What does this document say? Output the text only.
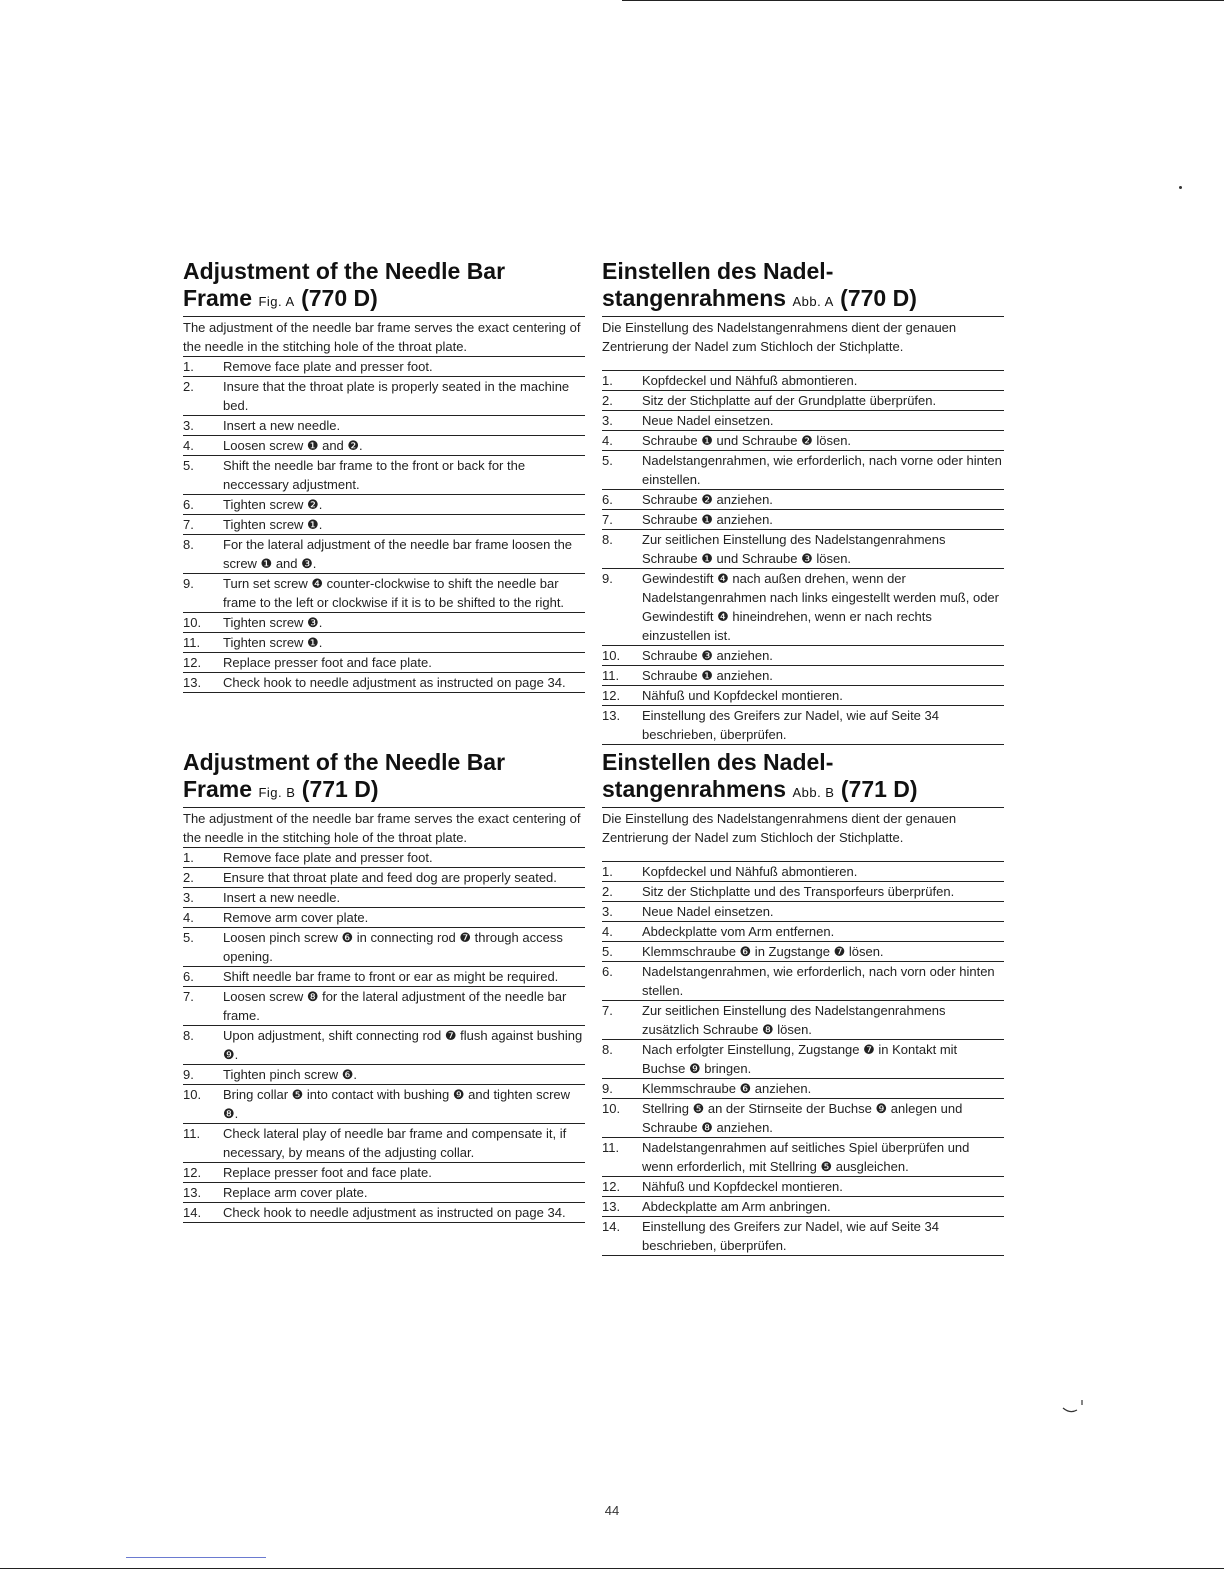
Adjustment of the Needle Bar
Frame Fig. A (770 D)
The adjustment of the needle bar frame serves the exact centering of the needle in the stitching hole of the throat plate.
1.	Remove face plate and presser foot.
2.	Insure that the throat plate is properly seated in the machine bed.
3.	Insert a new needle.
4.	Loosen screw ❶ and ❷.
5.	Shift the needle bar frame to the front or back for the neccessary adjustment.
6.	Tighten screw ❷.
7.	Tighten screw ❶.
8.	For the lateral adjustment of the needle bar frame loosen the screw ❶ and ❸.
9.	Turn set screw ❹ counter-clockwise to shift the needle bar frame to the left or clockwise if it is to be shifted to the right.
10.	Tighten screw ❸.
11.	Tighten screw ❶.
12.	Replace presser foot and face plate.
13.	Check hook to needle adjustment as instructed on page 34.
Adjustment of the Needle Bar
Frame Fig. B (771 D)
The adjustment of the needle bar frame serves the exact centering of the needle in the stitching hole of the throat plate.
1.	Remove face plate and presser foot.
2.	Ensure that throat plate and feed dog are properly seated.
3.	Insert a new needle.
4.	Remove arm cover plate.
5.	Loosen pinch screw ❻ in connecting rod ❼ through access opening.
6.	Shift needle bar frame to front or ear as might be required.
7.	Loosen screw ❽ for the lateral adjustment of the needle bar frame.
8.	Upon adjustment, shift connecting rod ❼ flush against bushing ❾.
9.	Tighten pinch screw ❻.
10.	Bring collar ❺ into contact with bushing ❾ and tighten screw ❽.
11.	Check lateral play of needle bar frame and compensate it, if necessary, by means of the adjusting collar.
12.	Replace presser foot and face plate.
13.	Replace arm cover plate.
14.	Check hook to needle adjustment as instructed on page 34.
Einstellen des Nadel-
stangenrahmens Abb. A (770 D)
Die Einstellung des Nadelstangenrahmens dient der genauen Zentrierung der Nadel zum Stichloch der Stichplatte.
1.	Kopfdeckel und Nähfuß abmontieren.
2.	Sitz der Stichplatte auf der Grundplatte überprüfen.
3.	Neue Nadel einsetzen.
4.	Schraube ❶ und Schraube ❷ lösen.
5.	Nadelstangenrahmen, wie erforderlich, nach vorne oder hinten einstellen.
6.	Schraube ❷ anziehen.
7.	Schraube ❶ anziehen.
8.	Zur seitlichen Einstellung des Nadelstangenrahmens Schraube ❶ und Schraube ❸ lösen.
9.	Gewindestift ❹ nach außen drehen, wenn der Nadelstangenrahmen nach links eingestellt werden muß, oder Gewindestift ❹ hineindrehen, wenn er nach rechts einzustellen ist.
10.	Schraube ❸ anziehen.
11.	Schraube ❶ anziehen.
12.	Nähfuß und Kopfdeckel montieren.
13.	Einstellung des Greifers zur Nadel, wie auf Seite 34 beschrieben, überprüfen.
Einstellen des Nadel-
stangenrahmens Abb. B (771 D)
Die Einstellung des Nadelstangenrahmens dient der genauen Zentrierung der Nadel zum Stichloch der Stichplatte.
1.	Kopfdeckel und Nähfuß abmontieren.
2.	Sitz der Stichplatte und des Transporfeurs überprüfen.
3.	Neue Nadel einsetzen.
4.	Abdeckplatte vom Arm entfernen.
5.	Klemmschraube ❻ in Zugstange ❼ lösen.
6.	Nadelstangenrahmen, wie erforderlich, nach vorn oder hinten stellen.
7.	Zur seitlichen Einstellung des Nadelstangenrahmens zusätzlich Schraube ❽ lösen.
8.	Nach erfolgter Einstellung, Zugstange ❼ in Kontakt mit Buchse ❾ bringen.
9.	Klemmschraube ❻ anziehen.
10.	Stellring ❺ an der Stirnseite der Buchse ❾ anlegen und Schraube ❽ anziehen.
11.	Nadelstangenrahmen auf seitliches Spiel überprüfen und wenn erforderlich, mit Stellring ❺ ausgleichen.
12.	Nähfuß und Kopfdeckel montieren.
13.	Abdeckplatte am Arm anbringen.
14.	Einstellung des Greifers zur Nadel, wie auf Seite 34 beschrieben, überprüfen.
44
